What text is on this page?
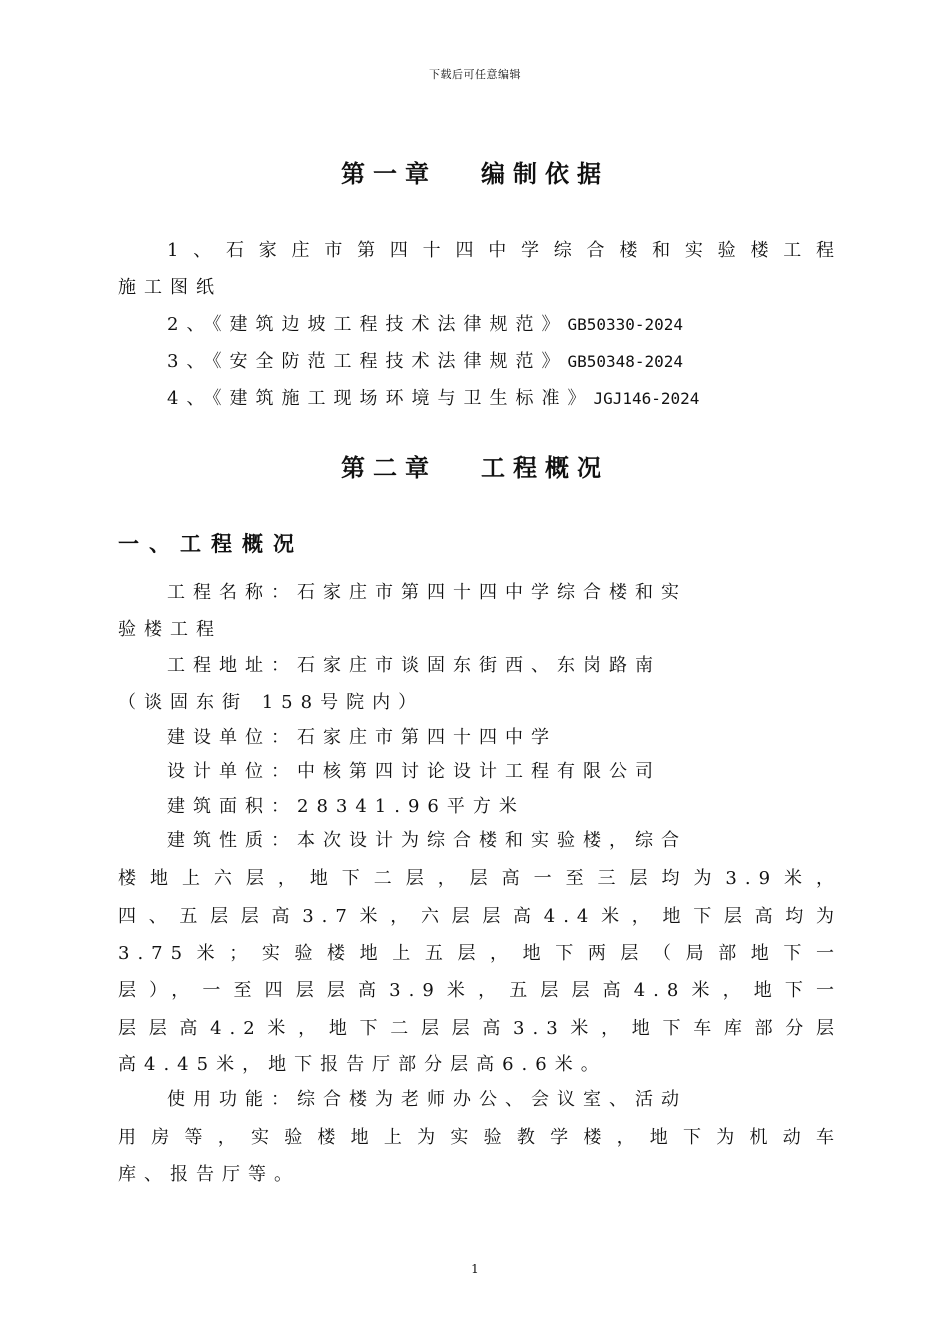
下载后可任意编辑
第一章 编制依据
1、石家庄市第四十四中学综合楼和实验楼工程
施工图纸
2、《建筑边坡工程技术法律规范》GB50330-2024
3、《安全防范工程技术法律规范》GB50348-2024
4、《建筑施工现场环境与卫生标准》JGJ146-2024
第二章 工程概况
一、工程概况
工程名称：石家庄市第四十四中学综合楼和实
验楼工程
工程地址：石家庄市谈固东街西、东岗路南
（谈固东街 158号院内）
建设单位：石家庄市第四十四中学
设计单位：中核第四讨论设计工程有限公司
建筑面积：28341.96平方米
建筑性质：本次设计为综合楼和实验楼，综合
楼地上六层，地下二层，层高一至三层均为3.9米，
四、五层层高3.7米，六层层高4.4米，地下层高均为
3.75米；实验楼地上五层，地下两层（局部地下一
层），一至四层层高3.9米，五层层高4.8米，地下一
层层高4.2米，地下二层层高3.3米，地下车库部分层
高4.45米，地下报告厅部分层高6.6米。
使用功能：综合楼为老师办公、会议室、活动
用房等，实验楼地上为实验教学楼，地下为机动车
库、报告厅等。
1
